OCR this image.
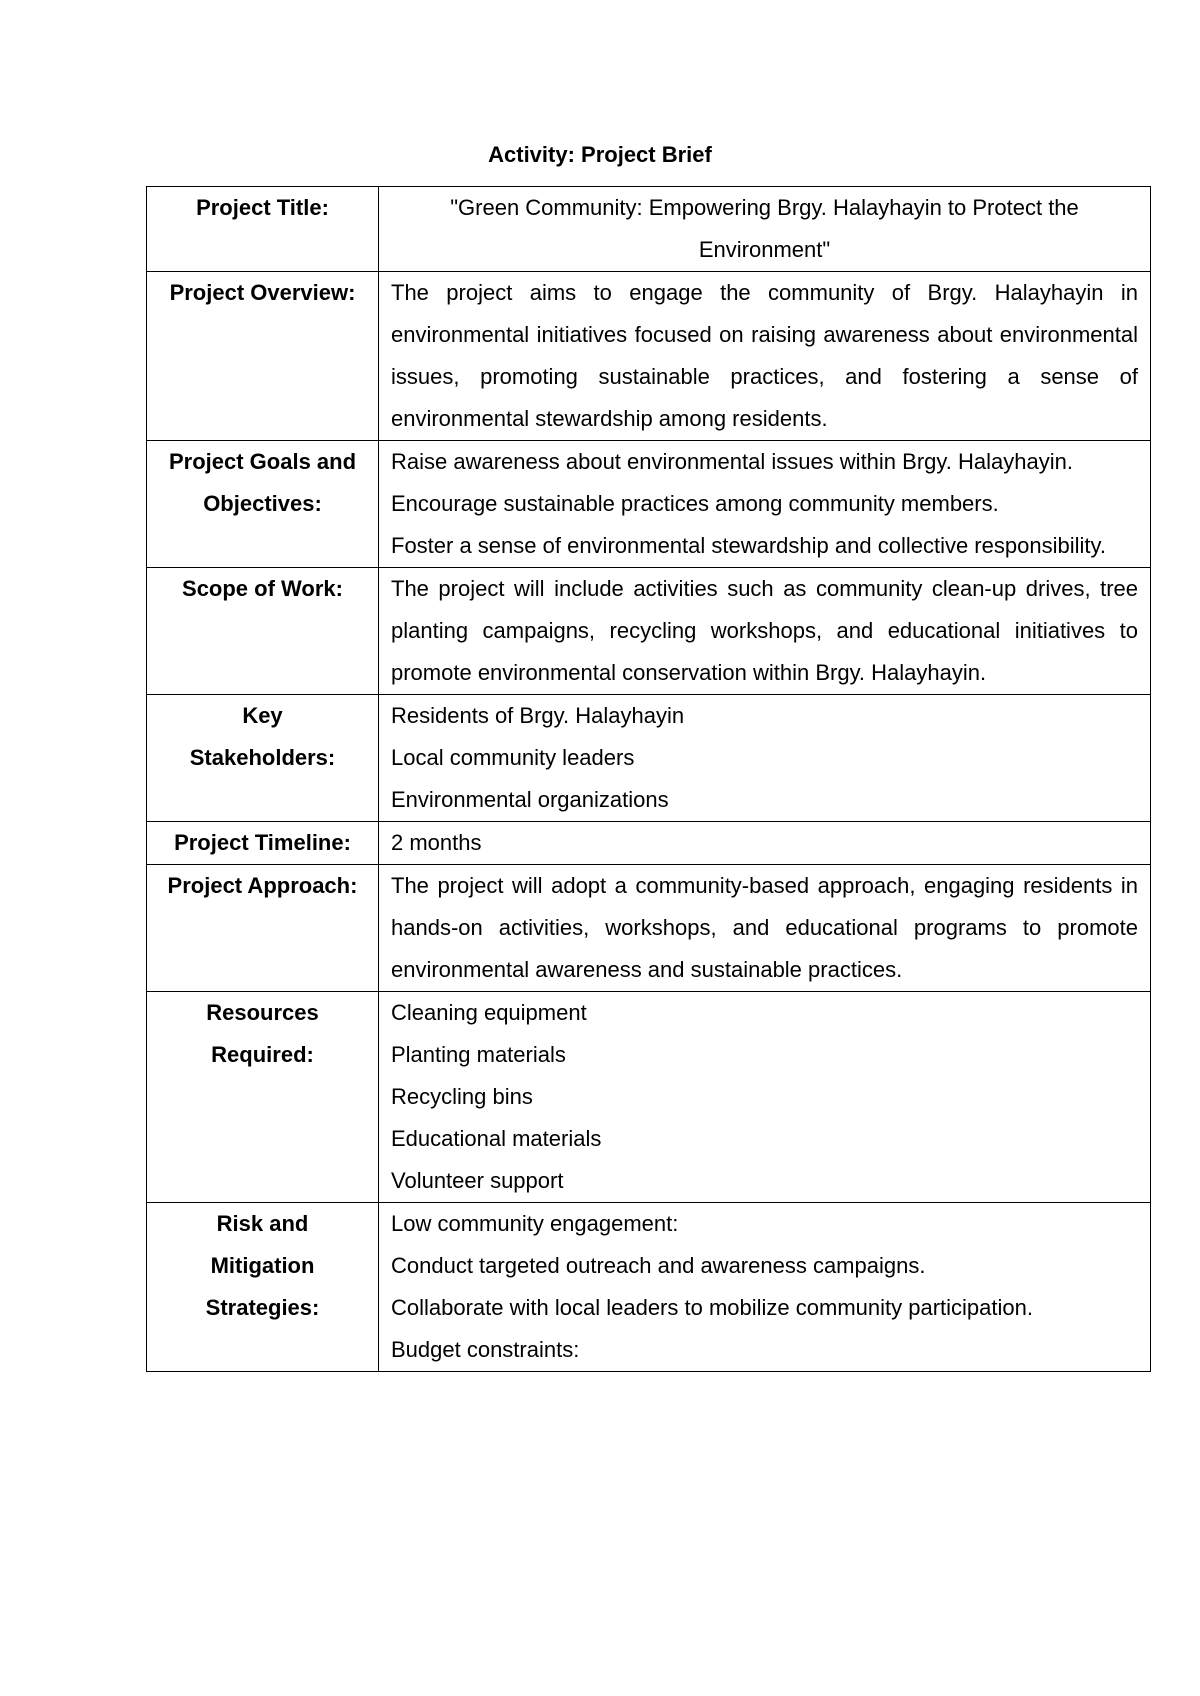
Activity: Project Brief
Project Title:	"Green Community: Empowering Brgy. Halayhayin to Protect the Environment"
Project Overview:	The project aims to engage the community of Brgy. Halayhayin in environmental initiatives focused on raising awareness about environmental issues, promoting sustainable practices, and fostering a sense of environmental stewardship among residents.
Project Goals and Objectives:	Raise awareness about environmental issues within Brgy. Halayhayin.
Encourage sustainable practices among community members.
Foster a sense of environmental stewardship and collective responsibility.

Scope of Work:	The project will include activities such as community clean-up drives, tree planting campaigns, recycling workshops, and educational initiatives to promote environmental conservation within Brgy. Halayhayin.

Key
Stakeholders:	Residents of Brgy. Halayhayin
Local community leaders
Environmental organizations

Project Timeline:	2 months
Project Approach:	The project will adopt a community-based approach, engaging residents in hands-on activities, workshops, and educational programs to promote environmental awareness and sustainable practices.

Resources
Required:	Cleaning equipment
Planting materials
Recycling bins
Educational materials
Volunteer support

Risk and
Mitigation
Strategies:	Low community engagement:
Conduct targeted outreach and awareness campaigns.
Collaborate with local leaders to mobilize community participation.
Budget constraints:
